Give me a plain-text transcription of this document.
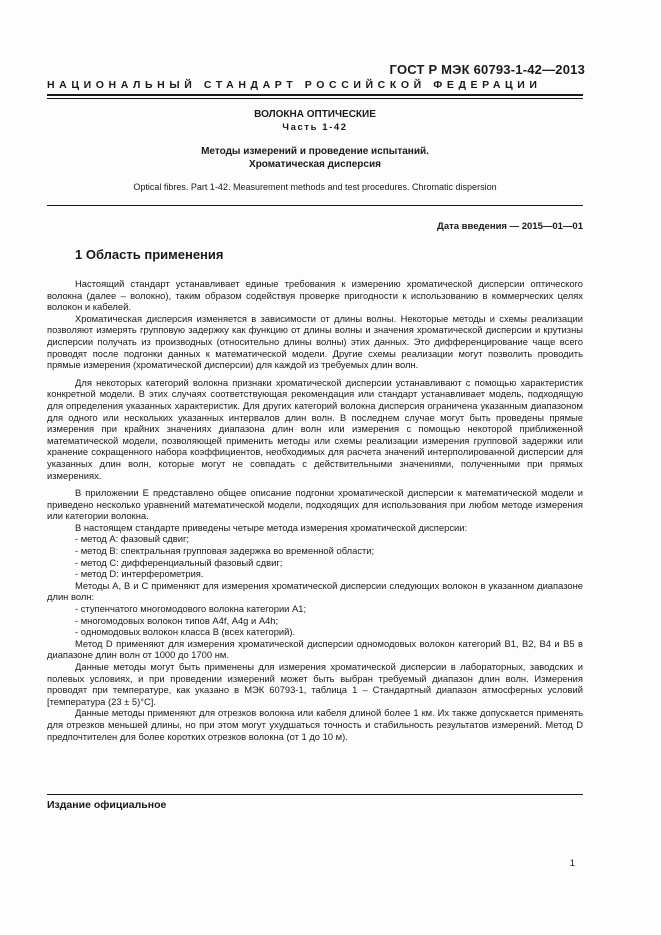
ГОСТ Р МЭК 60793-1-42—2013
НАЦИОНАЛЬНЫЙ СТАНДАРТ РОССИЙСКОЙ ФЕДЕРАЦИИ
ВОЛОКНА ОПТИЧЕСКИЕ
Часть 1-42
Методы измерений и проведение испытаний.
Хроматическая дисперсия
Optical fibres. Part 1-42. Measurement methods and test procedures. Chromatic dispersion
Дата введения — 2015—01—01
1 Область применения

Настоящий стандарт устанавливает единые требования к измерению хроматической дисперсии оптического волокна (далее – волокно), таким образом содействуя проверке пригодности к использованию в коммерческих целях волокон и кабелей.

Хроматическая дисперсия изменяется в зависимости от длины волны. Некоторые методы и схемы реализации позволяют измерять групповую задержку как функцию от длины волны и значения хроматической дисперсии и крутизны дисперсии получать из производных (относительно длины волны) этих данных. Это дифференцирование чаще всего проводят после подгонки данных к математической модели. Другие схемы реализации могут позволить проводить прямые измерения (хроматической дисперсии) для каждой из требуемых длин волн.

Для некоторых категорий волокна признаки хроматической дисперсии устанавливают с помощью характеристик конкретной модели. В этих случаях соответствующая рекомендация или стандарт устанавливает модель, подходящую для определения указанных характеристик. Для других категорий волокна дисперсия ограничена указанным диапазоном для одного или нескольких указанных интервалов длин волн. В последнем случае могут быть проведены прямые измерения при крайних значениях диапазона длин волн или измерения с помощью некоторой приближенной математической модели, позволяющей применить методы или схемы реализации измерения групповой задержки или хранение сокращенного набора коэффициентов, необходимых для расчета значений интерполированной дисперсии для указанных длин волн, которые могут не совпадать с действительными значениями, полученными при прямых измерениях.

В приложении Е представлено общее описание подгонки хроматической дисперсии к математической модели и приведено несколько уравнений математической модели, подходящих для использования при любом методе измерения или категории волокна.

В настоящем стандарте приведены четыре метода измерения хроматической дисперсии:

- метод А: фазовый сдвиг;

- метод В: спектральная групповая задержка во временной области;

- метод С: дифференциальный фазовый сдвиг;

- метод D: интерферометрия.

Методы А, В и С применяют для измерения хроматической дисперсии следующих волокон в указанном диапазоне длин волн:

- ступенчатого многомодового волокна категории А1;

- многомодовых волокон типов А4f, А4g и А4h;

- одномодовых волокон класса В (всех категорий).

Метод D применяют для измерения хроматической дисперсии одномодовых волокон категорий В1, В2, В4 и В5 в диапазоне длин волн от 1000 до 1700 нм.

Данные методы могут быть применены для измерения хроматической дисперсии в лабораторных, заводских и полевых условиях, и при проведении измерений может быть выбран требуемый диапазон длин волн. Измерения проводят при температуре, как указано в МЭК 60793-1, таблица 1 – Стандартный диапазон атмосферных условий [температура (23 ± 5)°С].

Данные методы применяют для отрезков волокна или кабеля длиной более 1 км. Их также допускается применять для отрезков меньшей длины, но при этом могут ухудшаться точность и стабильность результатов измерений. Метод D предпочтителен для более коротких отрезков волокна (от 1 до 10 м).

Издание официальное
1
